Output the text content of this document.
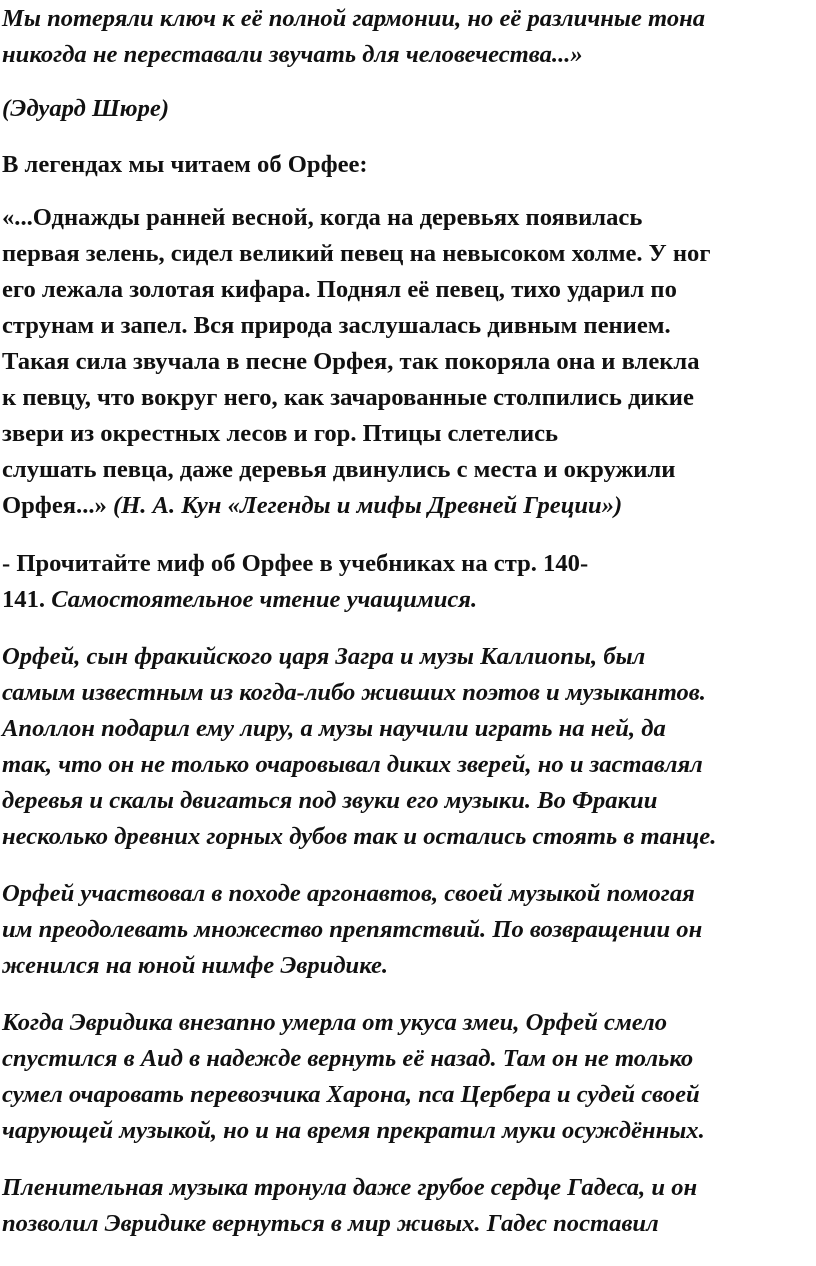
Мы потеряли ключ к её полной гармонии, но её различные тона
никогда не переставали звучать для человечества...»
(Эдуард Шюре)
В легендах мы читаем об Орфее:
«...Однажды ранней весной, когда на деревьях появилась
первая зелень, сидел великий певец на невысоком холме. У ног
его лежала золотая кифара. Поднял её певец, тихо ударил по
струнам и запел. Вся природа заслушалась дивным пением.
Такая сила звучала в песне Орфея, так покоряла она и влекла
к певцу, что вокруг него, как зачарованные столпились дикие
звери из окрестных лесов и гор. Птицы слетелись
слушать певца, даже деревья двинулись с места и окружили
Орфея...» (Н. А. Кун «Легенды и мифы Древней Греции»)
- Прочитайте миф об Орфее в учебниках на стр. 140-
141. Самостоятельное чтение учащимися.
Орфей, сын фракийского царя Загра и музы Каллиопы, был
самым известным из когда-либо живших поэтов и музыкантов.
Аполлон подарил ему лиру, а музы научили играть на ней, да
так, что он не только очаровывал диких зверей, но и заставлял
деревья и скалы двигаться под звуки его музыки. Во Фракии
несколько древних горных дубов так и остались стоять в танце.
Орфей участвовал в походе аргонавтов, своей музыкой помогая
им преодолевать множество препятствий. По возвращении он
женился на юной нимфе Эвридике.
Когда Эвридика внезапно умерла от укуса змеи, Орфей смело
спустился в Аид в надежде вернуть её назад. Там он не только
сумел очаровать перевозчика Харона, пса Цербера и судей своей
чарующей музыкой, но и на время прекратил муки осуждённых.
Пленительная музыка тронула даже грубое сердце Гадеса, и он
позволил Эвридике вернуться в мир живых. Гадес поставил
